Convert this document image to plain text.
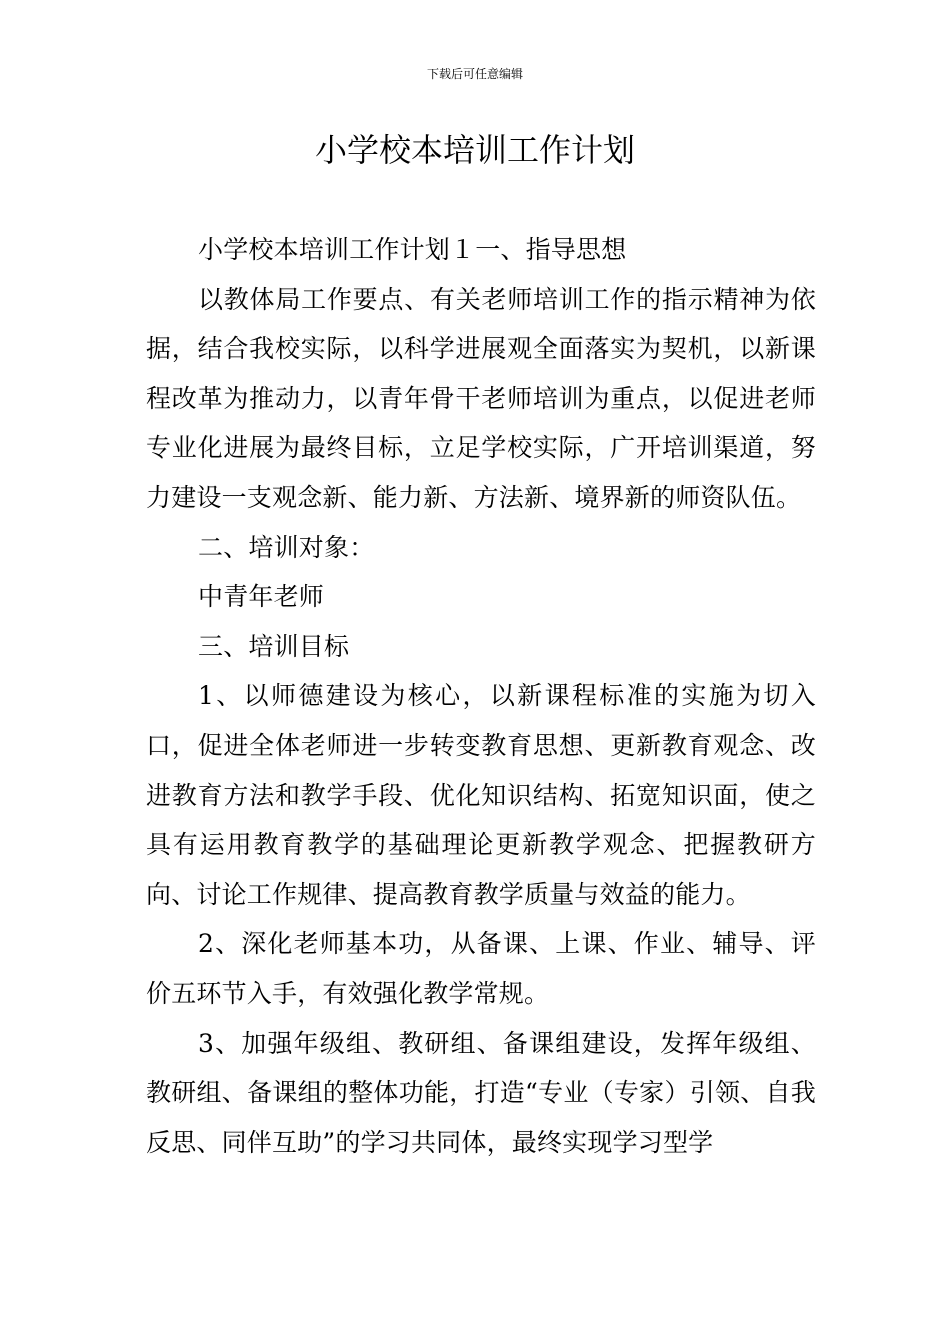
下载后可任意编辑
小学校本培训工作计划

小学校本培训工作计划１一、指导思想

以教体局工作要点、有关老师培训工作的指示精神为依据，结合我校实际，以科学进展观全面落实为契机，以新课程改革为推动力，以青年骨干老师培训为重点，以促进老师专业化进展为最终目标，立足学校实际，广开培训渠道，努力建设一支观念新、能力新、方法新、境界新的师资队伍。

二、培训对象：

中青年老师

三、培训目标

1、以师德建设为核心，以新课程标准的实施为切入口，促进全体老师进一步转变教育思想、更新教育观念、改进教育方法和教学手段、优化知识结构、拓宽知识面，使之具有运用教育教学的基础理论更新教学观念、把握教研方向、讨论工作规律、提高教育教学质量与效益的能力。

2、深化老师基本功，从备课、上课、作业、辅导、评价五环节入手，有效强化教学常规。

3、加强年级组、教研组、备课组建设，发挥年级组、教研组、备课组的整体功能，打造“专业（专家）引领、自我反思、同伴互助”的学习共同体，最终实现学习型学
